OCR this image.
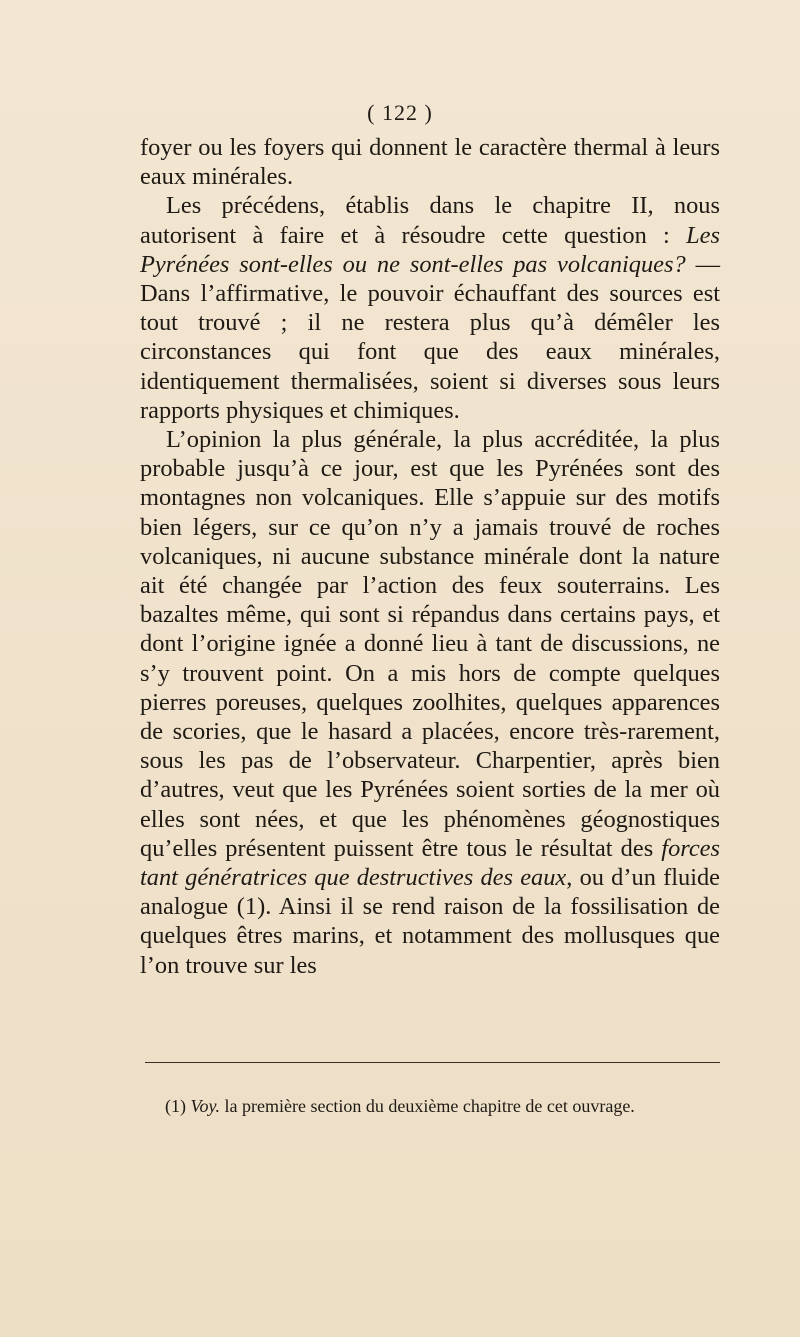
( 122 )

foyer ou les foyers qui donnent le caractère thermal à leurs eaux minérales.

Les précédens, établis dans le chapitre II, nous autorisent à faire et à résoudre cette question : Les Pyrénées sont-elles ou ne sont-elles pas volcaniques? — Dans l’affirmative, le pouvoir échauffant des sources est tout trouvé ; il ne restera plus qu’à démêler les circonstances qui font que des eaux minérales, identiquement thermalisées, soient si diverses sous leurs rapports physiques et chimiques.

L’opinion la plus générale, la plus accréditée, la plus probable jusqu’à ce jour, est que les Pyrénées sont des montagnes non volcaniques. Elle s’appuie sur des motifs bien légers, sur ce qu’on n’y a jamais trouvé de roches volcaniques, ni aucune substance minérale dont la nature ait été changée par l’action des feux souterrains. Les bazaltes même, qui sont si répandus dans certains pays, et dont l’origine ignée a donné lieu à tant de discussions, ne s’y trouvent point. On a mis hors de compte quelques pierres poreuses, quelques zoolhites, quelques apparences de scories, que le hasard a placées, encore très-rarement, sous les pas de l’observateur. Charpentier, après bien d’autres, veut que les Pyrénées soient sorties de la mer où elles sont nées, et que les phénomènes géognostiques qu’elles présentent puissent être tous le résultat des forces tant génératrices que destructives des eaux, ou d’un fluide analogue (1). Ainsi il se rend raison de la fossilisation de quelques êtres marins, et notamment des mollusques que l’on trouve sur les

(1) Voy. la première section du deuxième chapitre de cet ouvrage.
